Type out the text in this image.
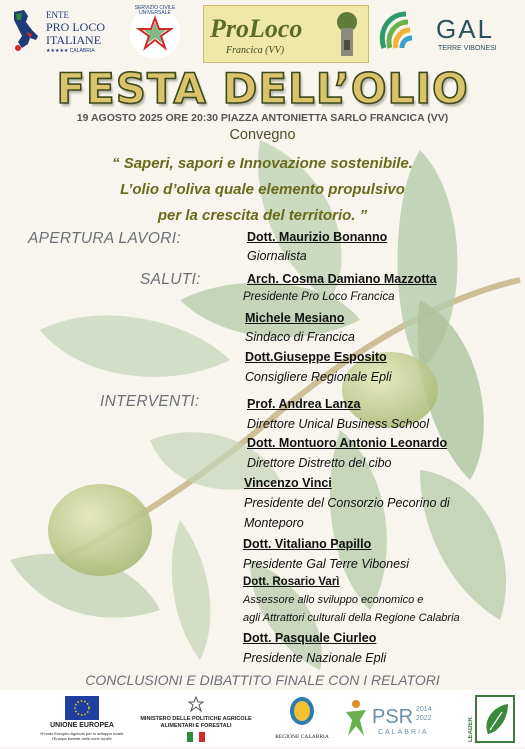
ENTE
PRO LOCO
ITALIANE
★★★★★ CALABRIA
SERVIZIO CIVILE UNIVERSALE
ProLoco
Francica (VV)
GAL
TERRE VIBONESI
FESTA DELL’OLIO
19 AGOSTO 2025 ORE 20:30 PIAZZA ANTONIETTA SARLO FRANCICA (VV)
Convegno
“ Saperi, sapori e Innovazione sostenibile.
L’olio d’oliva quale elemento propulsivo
per la crescita del territorio. ”
APERTURA LAVORI:
SALUTI:
INTERVENTI:
Dott. Maurizio Bonanno
Giornalista
Arch. Cosma Damiano Mazzotta
Presidente Pro Loco Francica
Michele Mesiano
Sindaco di Francica
Dott.Giuseppe Esposito
Consigliere Regionale Epli
Prof. Andrea Lanza
Direttore Unical Business School
Dott. Montuoro Antonio Leonardo
Direttore Distretto del cibo
Vincenzo Vinci
Presidente del Consorzio Pecorino di
Monteporo
Dott. Vitaliano Papillo
Presidente Gal Terre Vibonesi
Dott. Rosario Varì
Assessore allo sviluppo economico e
agli Attrattori culturali della Regione Calabria
Dott. Pasquale Ciurleo
Presidente Nazionale Epli
CONCLUSIONI E DIBATTITO FINALE CON I RELATORI
UNIONE EUROPEA
«Fondo Europeo Agricolo per lo sviluppo rurale: l'Europa investe nelle zone rurali»
MINISTERO DELLE POLITICHE AGRICOLE
ALIMENTARI E FORESTALI
REGIONE CALABRIA
PSR 2014
2022
CALABRIA	LEADER
